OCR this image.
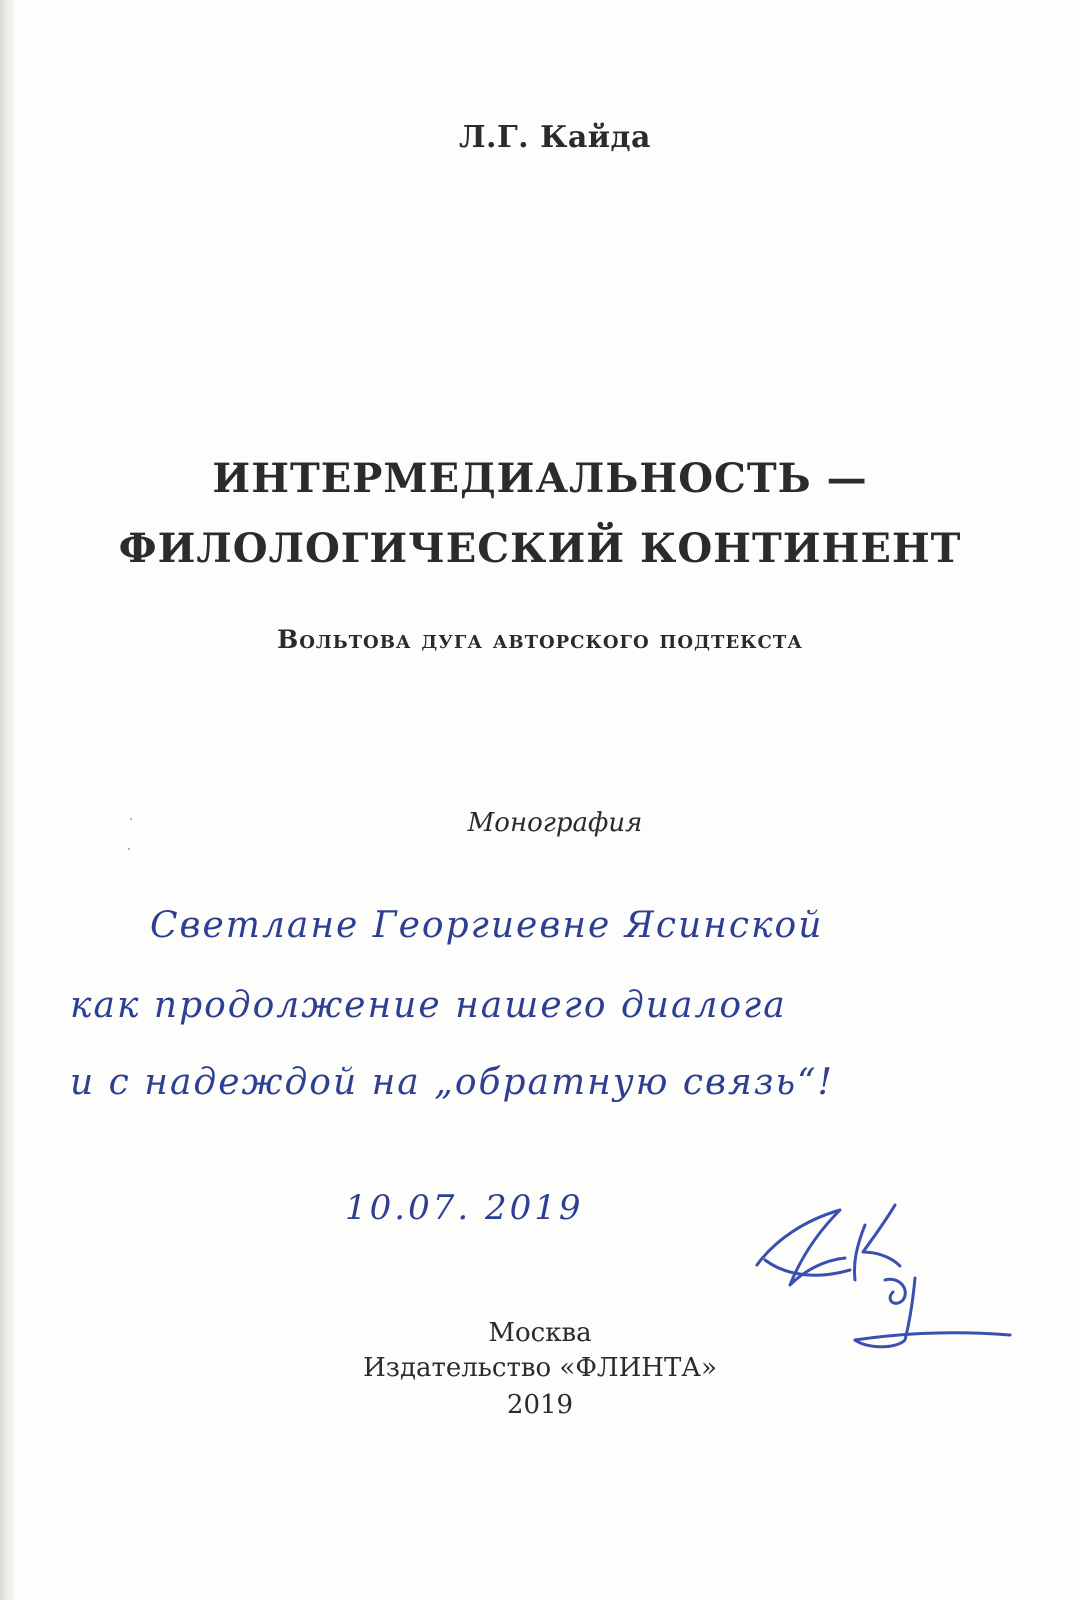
Л.Г. Кайда
ИНТЕРМЕДИАЛЬНОСТЬ —
ФИЛОЛОГИЧЕСКИЙ КОНТИНЕНТ
Вольтова дуга авторского подтекста
Монография
Светлане Георгиевне Ясинской
как продолжение нашего диалога
и с надеждой на „обратную связь“!
10.07. 2019
Москва
Издательство «ФЛИНТА»
2019
